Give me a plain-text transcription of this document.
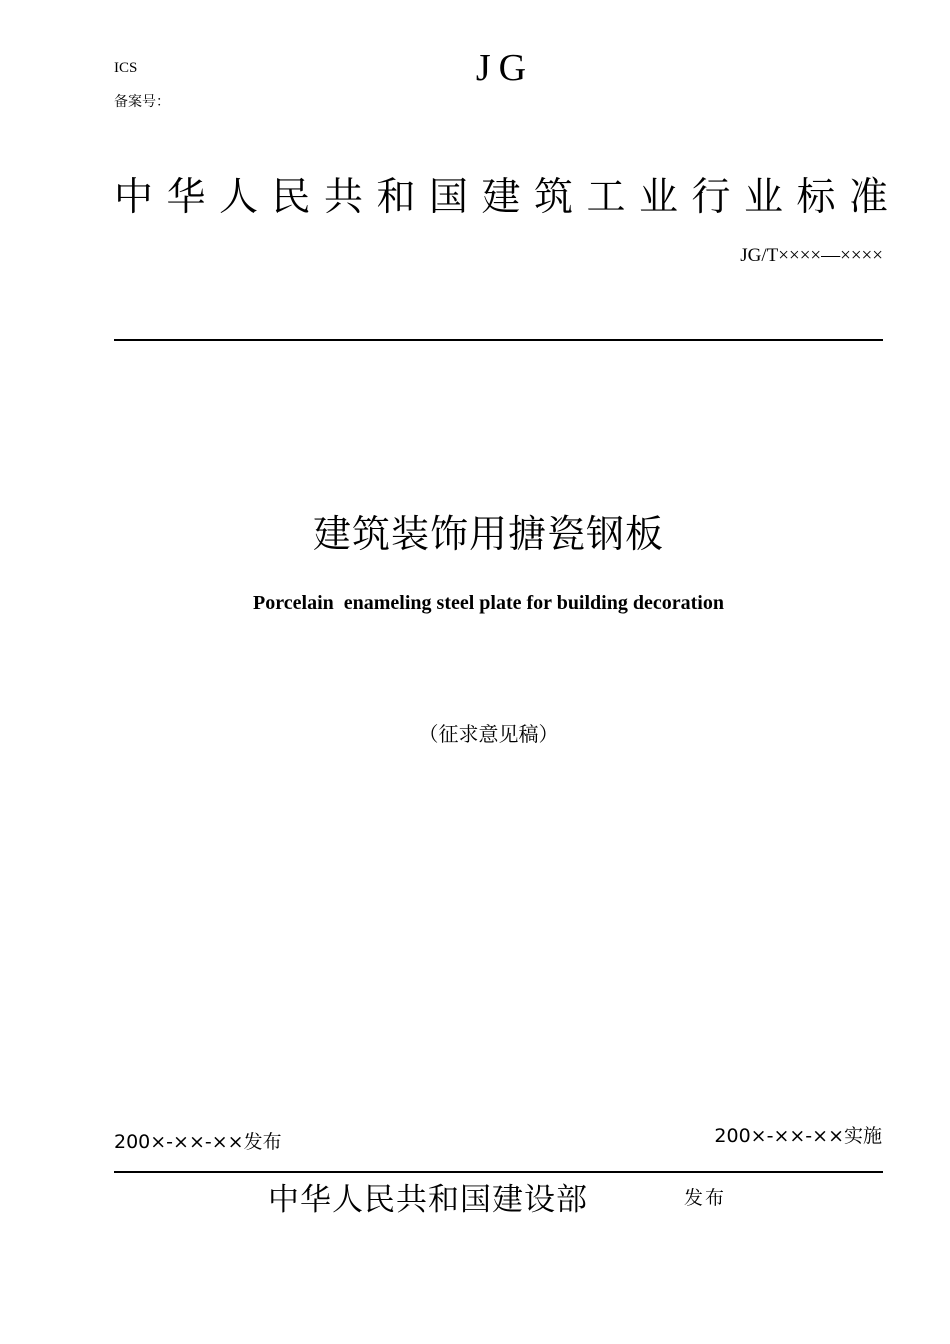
ICS
备案号：
JG
中华人民共和国建筑工业行业标准
JG/T××××—××××
建筑装饰用搪瓷钢板
Porcelain  enameling steel plate for building decoration
（征求意见稿）
200×-××-××发布	200×-××-××实施
中华人民共和国建设部	发布
